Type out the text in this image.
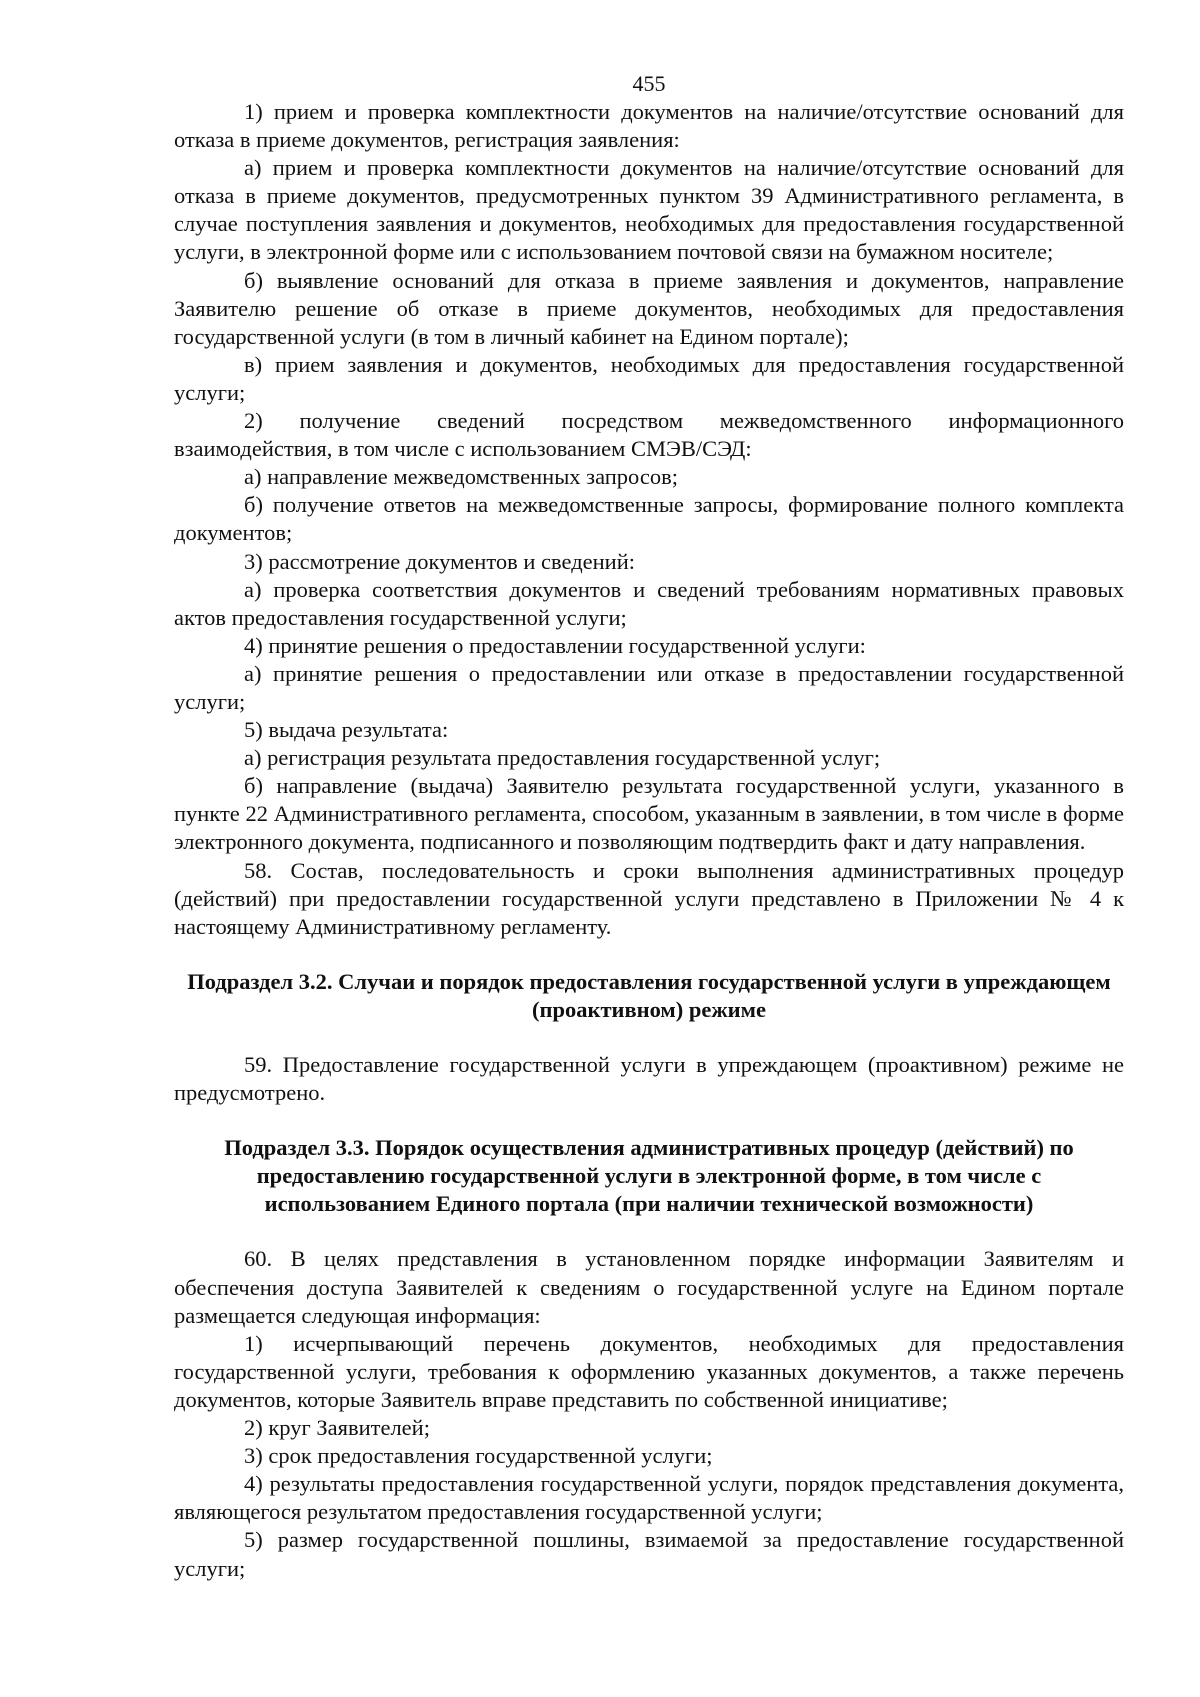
455

1) прием и проверка комплектности документов на наличие/отсутствие оснований для отказа в приеме документов, регистрация заявления:

а) прием и проверка комплектности документов на наличие/отсутствие оснований для отказа в приеме документов, предусмотренных пунктом 39 Административного регламента, в случае поступления заявления и документов, необходимых для предоставления государственной услуги, в электронной форме или с использованием почтовой связи на бумажном носителе;

б) выявление оснований для отказа в приеме заявления и документов, направление Заявителю решение об отказе в приеме документов, необходимых для предоставления государственной услуги (в том в личный кабинет на Едином портале);

в) прием заявления и документов, необходимых для предоставления государственной услуги;

2) получение сведений посредством межведомственного информационного взаимодействия, в том числе с использованием СМЭВ/СЭД:

а) направление межведомственных запросов;

б) получение ответов на межведомственные запросы, формирование полного комплекта документов;

3) рассмотрение документов и сведений:

а) проверка соответствия документов и сведений требованиям нормативных правовых актов предоставления государственной услуги;

4) принятие решения о предоставлении государственной услуги:

а) принятие решения о предоставлении или отказе в предоставлении государственной услуги;

5) выдача результата:

а) регистрация результата предоставления государственной услуг;

б) направление (выдача) Заявителю результата государственной услуги, указанного в пункте 22 Административного регламента, способом, указанным в заявлении, в том числе в форме электронного документа, подписанного и позволяющим подтвердить факт и дату направления.

58. Состав, последовательность и сроки выполнения административных процедур (действий) при предоставлении государственной услуги представлено в Приложении № 4 к настоящему Административному регламенту.

Подраздел 3.2. Случаи и порядок предоставления государственной услуги в упреждающем (проактивном) режиме

59. Предоставление государственной услуги в упреждающем (проактивном) режиме не предусмотрено.

Подраздел 3.3. Порядок осуществления административных процедур (действий) по предоставлению государственной услуги в электронной форме, в том числе с использованием Единого портала (при наличии технической возможности)

60. В целях представления в установленном порядке информации Заявителям и обеспечения доступа Заявителей к сведениям о государственной услуге на Едином портале размещается следующая информация:

1) исчерпывающий перечень документов, необходимых для предоставления государственной услуги, требования к оформлению указанных документов, а также перечень документов, которые Заявитель вправе представить по собственной инициативе;

2) круг Заявителей;

3) срок предоставления государственной услуги;

4) результаты предоставления государственной услуги, порядок представления документа, являющегося результатом предоставления государственной услуги;

5) размер государственной пошлины, взимаемой за предоставление государственной услуги;
